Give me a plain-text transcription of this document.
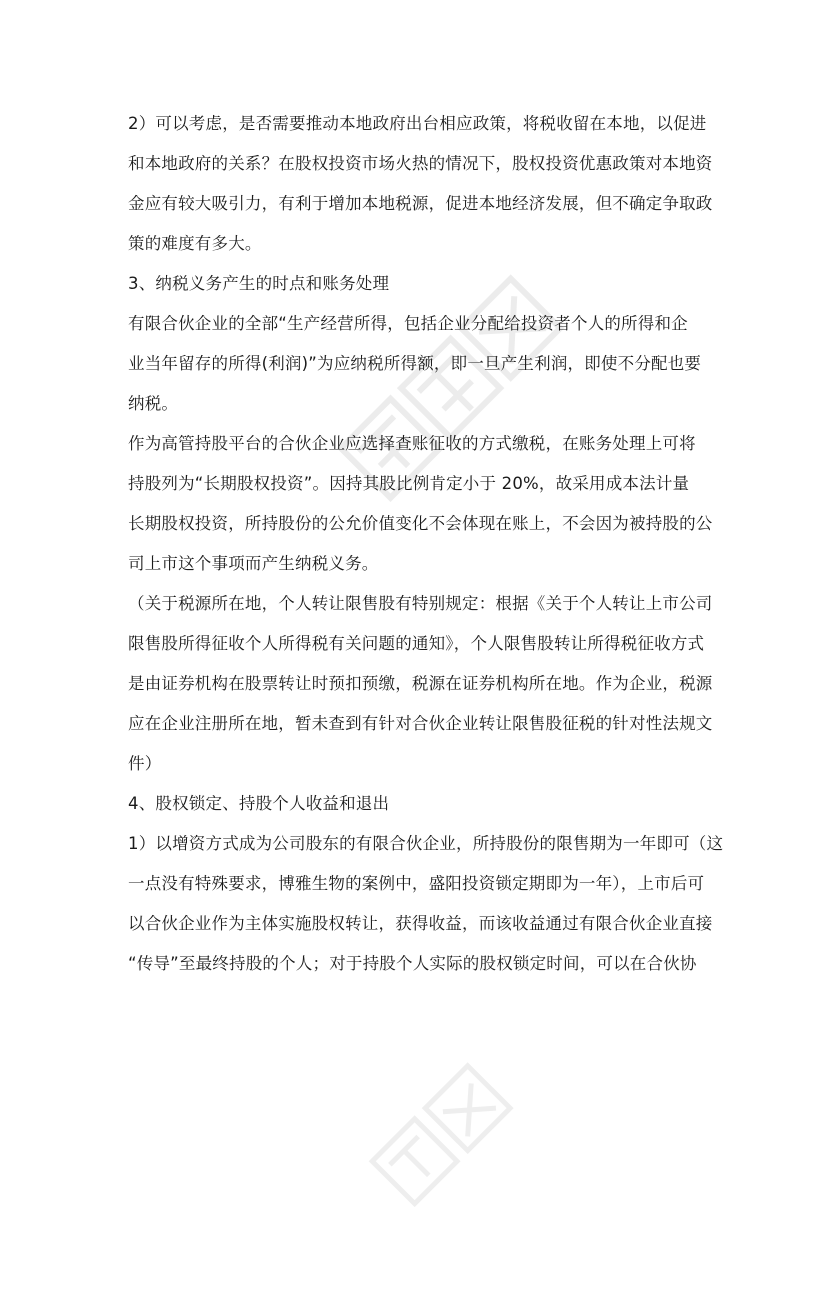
2）可以考虑，是否需要推动本地政府出台相应政策，将税收留在本地，以促进
和本地政府的关系？在股权投资市场火热的情况下，股权投资优惠政策对本地资
金应有较大吸引力，有利于增加本地税源，促进本地经济发展，但不确定争取政
策的难度有多大。
3、纳税义务产生的时点和账务处理
有限合伙企业的全部“生产经营所得，包括企业分配给投资者个人的所得和企
业当年留存的所得(利润)”为应纳税所得额，即一旦产生利润，即使不分配也要
纳税。
作为高管持股平台的合伙企业应选择查账征收的方式缴税，在账务处理上可将
持股列为“长期股权投资”。因持其股比例肯定小于 20%，故采用成本法计量
长期股权投资，所持股份的公允价值变化不会体现在账上，不会因为被持股的公
司上市这个事项而产生纳税义务。
（关于税源所在地，个人转让限售股有特别规定：根据《关于个人转让上市公司
限售股所得征收个人所得税有关问题的通知》，个人限售股转让所得税征收方式
是由证券机构在股票转让时预扣预缴，税源在证券机构所在地。作为企业，税源
应在企业注册所在地，暂未查到有针对合伙企业转让限售股征税的针对性法规文
件）
4、股权锁定、持股个人收益和退出
1）以增资方式成为公司股东的有限合伙企业，所持股份的限售期为一年即可（这
一点没有特殊要求，博雅生物的案例中，盛阳投资锁定期即为一年），上市后可
以合伙企业作为主体实施股权转让，获得收益，而该收益通过有限合伙企业直接
“传导”至最终持股的个人；对于持股个人实际的股权锁定时间，可以在合伙协
